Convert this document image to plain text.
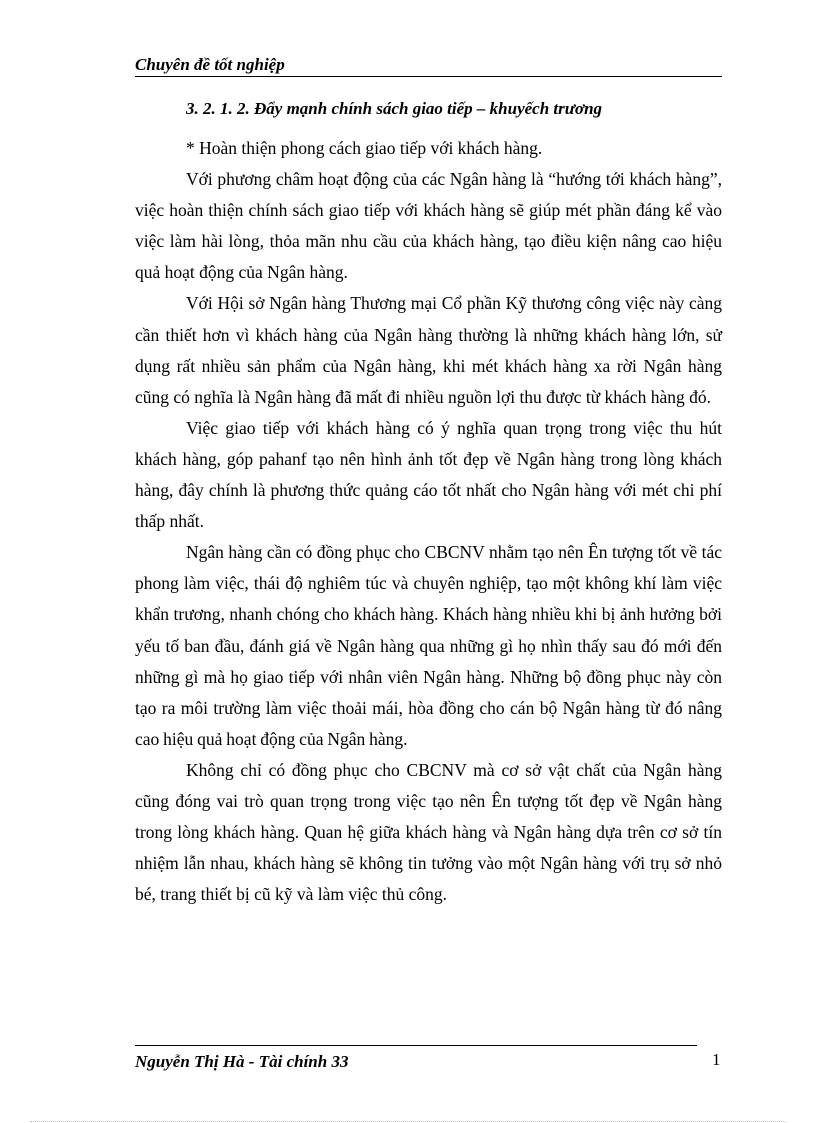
Chuyên đề tốt nghiệp
3. 2. 1. 2. Đẩy mạnh chính sách giao tiếp – khuyếch trương

* Hoàn thiện phong cách giao tiếp với khách hàng.

Với phương châm hoạt động của các Ngân hàng là “hướng tới khách hàng”, việc hoàn thiện chính sách giao tiếp với khách hàng sẽ giúp mét phần đáng kể vào việc làm hài lòng, thỏa mãn nhu cầu của khách hàng, tạo điều kiện nâng cao hiệu quả hoạt động của Ngân hàng.

Với Hội sở Ngân hàng Thương mại Cổ phần Kỹ thương công việc này càng cần thiết hơn vì khách hàng của Ngân hàng thường là những khách hàng lớn, sử dụng rất nhiều sản phẩm của Ngân hàng, khi mét khách hàng xa rời Ngân hàng cũng có nghĩa là Ngân hàng đã mất đi nhiều nguồn lợi thu được từ khách hàng đó.

Việc giao tiếp với khách hàng có ý nghĩa quan trọng trong việc thu hút khách hàng, góp pahanf tạo nên hình ảnh tốt đẹp về Ngân hàng trong lòng khách hàng, đây chính là phương thức quảng cáo tốt nhất cho Ngân hàng với mét chi phí thấp nhất.

Ngân hàng cần có đồng phục cho CBCNV nhằm tạo nên Ên tượng tốt về tác phong làm việc, thái độ nghiêm túc và chuyên nghiệp, tạo một không khí làm việc khẩn trương, nhanh chóng cho khách hàng. Khách hàng nhiều khi bị ảnh hưởng bởi yếu tố ban đầu, đánh giá về Ngân hàng qua những gì họ nhìn thấy sau đó mới đến những gì mà họ giao tiếp với nhân viên Ngân hàng. Những bộ đồng phục này còn tạo ra môi trường làm việc thoải mái, hòa đồng cho cán bộ Ngân hàng từ đó nâng cao hiệu quả hoạt động của Ngân hàng.

Không chỉ có đồng phục cho CBCNV mà cơ sở vật chất của Ngân hàng cũng đóng vai trò quan trọng trong việc tạo nên Ên tượng tốt đẹp về Ngân hàng trong lòng khách hàng. Quan hệ giữa khách hàng và Ngân hàng dựa trên cơ sở tín nhiệm lẫn nhau, khách hàng sẽ không tin tưởng vào một Ngân hàng với trụ sở nhỏ bé, trang thiết bị cũ kỹ và làm việc thủ công.

Nguyễn Thị Hà - Tài chính 33	1
